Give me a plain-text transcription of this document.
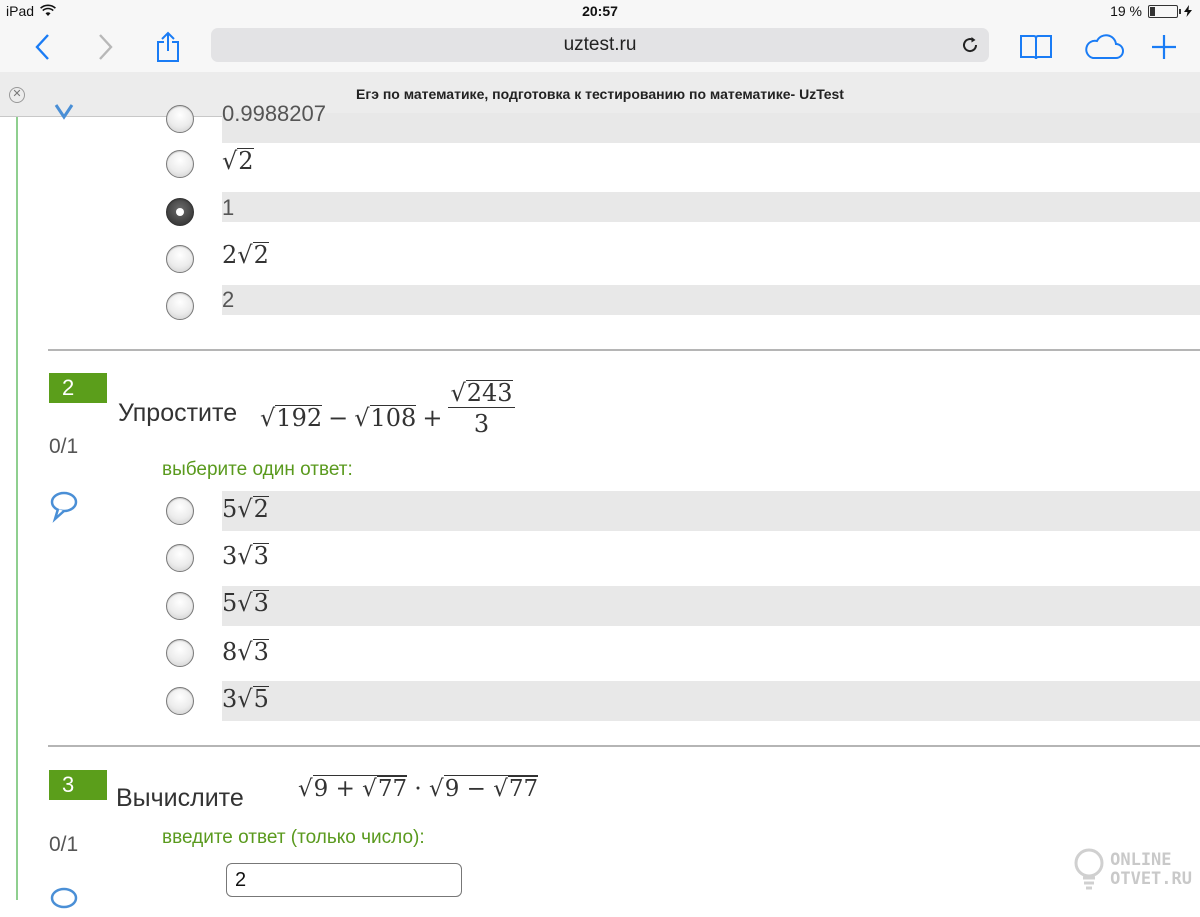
iPad	20:57	19 %
uztest.ru
✕	Егэ по математике, подготовка к тестированию по математике- UzTest
0.9988207
√2
1
2√2
2
2
Упростите $√192 - √108 + \frac{√243}{3}$
0/1
выберите один ответ:
5√2
3√3
5√3
8√3
3√5
3	Вычислите √9 + √77 · √9 − √77
0/1	введите ответ (только число):
2
ONLINE
OTVET.RU
